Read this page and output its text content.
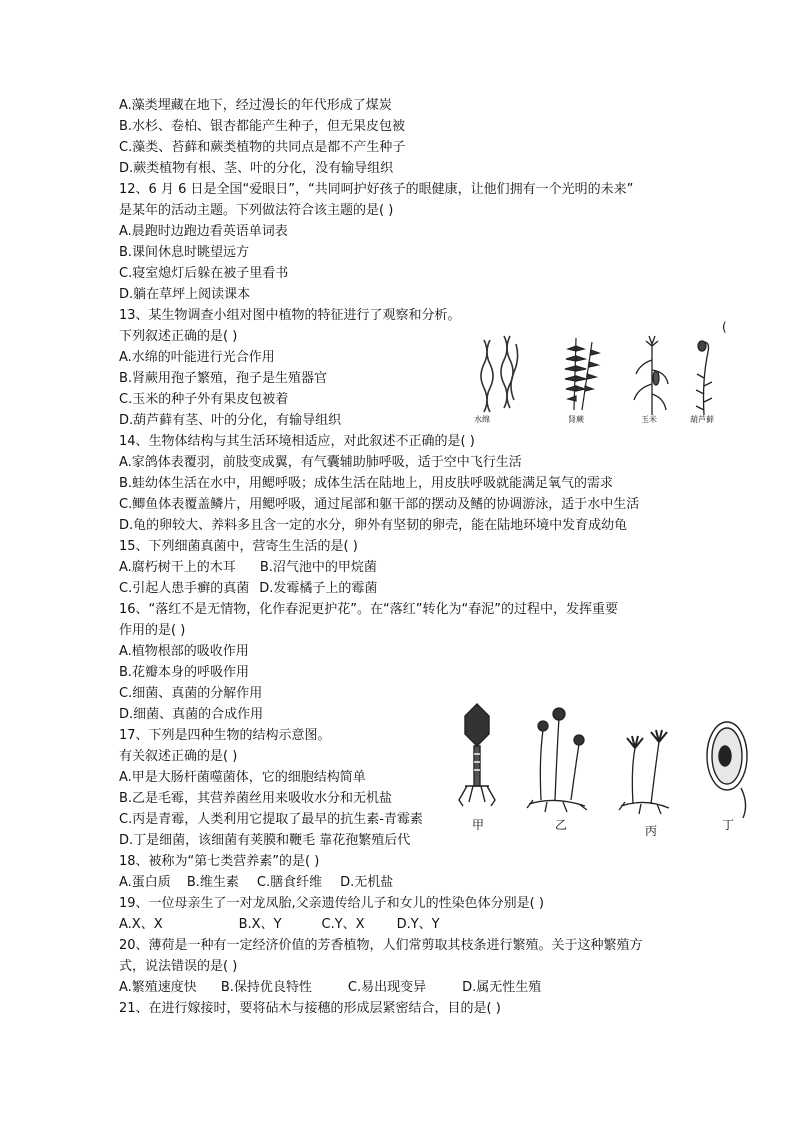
A.藻类埋藏在地下，经过漫长的年代形成了煤炭
B.水杉、卷柏、银杏都能产生种子，但无果皮包被
C.藻类、苔藓和蕨类植物的共同点是都不产生种子
D.蕨类植物有根、茎、叶的分化，没有输导组织
12、6 月 6 日是全国“爱眼日”，“共同呵护好孩子的眼健康，让他们拥有一个光明的未来”
是某年的活动主题。下列做法符合该主题的是( )
A.晨跑时边跑边看英语单词表
B.课间休息时眺望远方
C.寝室熄灯后躲在被子里看书
D.躺在草坪上阅读课本
13、某生物调查小组对图中植物的特征进行了观察和分析。
下列叙述正确的是( )
A.水绵的叶能进行光合作用
B.肾蕨用孢子繁殖，孢子是生殖器官
C.玉米的种子外有果皮包被着
D.葫芦藓有茎、叶的分化，有输导组织
(
水绵	肾蕨	玉米	葫芦藓
14、生物体结构与其生活环境相适应，对此叙述不正确的是( )
A.家鸽体表覆羽，前肢变成翼，有气囊辅助肺呼吸，适于空中飞行生活
B.蛙幼体生活在水中，用鳃呼吸；成体生活在陆地上，用皮肤呼吸就能满足氧气的需求
C.鲫鱼体表覆盖鳞片，用鳃呼吸，通过尾部和躯干部的摆动及鳍的协调游泳，适于水中生活
D.龟的卵较大、养料多且含一定的水分，卵外有坚韧的卵壳，能在陆地环境中发育成幼龟
15、下列细菌真菌中，营寄生生活的是( )
A.腐朽树干上的木耳 B.沼气池中的甲烷菌
C.引起人患手癣的真菌 D.发霉橘子上的霉菌
16、“落红不是无情物，化作春泥更护花”。在“落红”转化为“春泥”的过程中，发挥重要
作用的是( )
A.植物根部的吸收作用
B.花瓣本身的呼吸作用
C.细菌、真菌的分解作用
D.细菌、真菌的合成作用
17、下列是四种生物的结构示意图。
有关叙述正确的是( )
A.甲是大肠杆菌噬菌体，它的细胞结构简单
B.乙是毛霉，其营养菌丝用来吸收水分和无机盐
C.丙是青霉，人类利用它提取了最早的抗生素-青霉素
D.丁是细菌，该细菌有荚膜和鞭毛 靠花孢繁殖后代
甲	乙	丙	丁
18、被称为“第七类营养素”的是( )
A.蛋白质 B.维生素 C.膳食纤维 D.无机盐
19、一位母亲生了一对龙凤胎,父亲遗传给儿子和女儿的性染色体分别是( )
A.X、X	B.X、Y	C.Y、X D.Y、Y
20、薄荷是一种有一定经济价值的芳香植物，人们常剪取其枝条进行繁殖。关于这种繁殖方
式，说法错误的是( )
A.繁殖速度快 B.保持优良特性	C.易出现变异	D.属无性生殖
21、在进行嫁接时，要将砧木与接穗的形成层紧密结合，目的是( )
